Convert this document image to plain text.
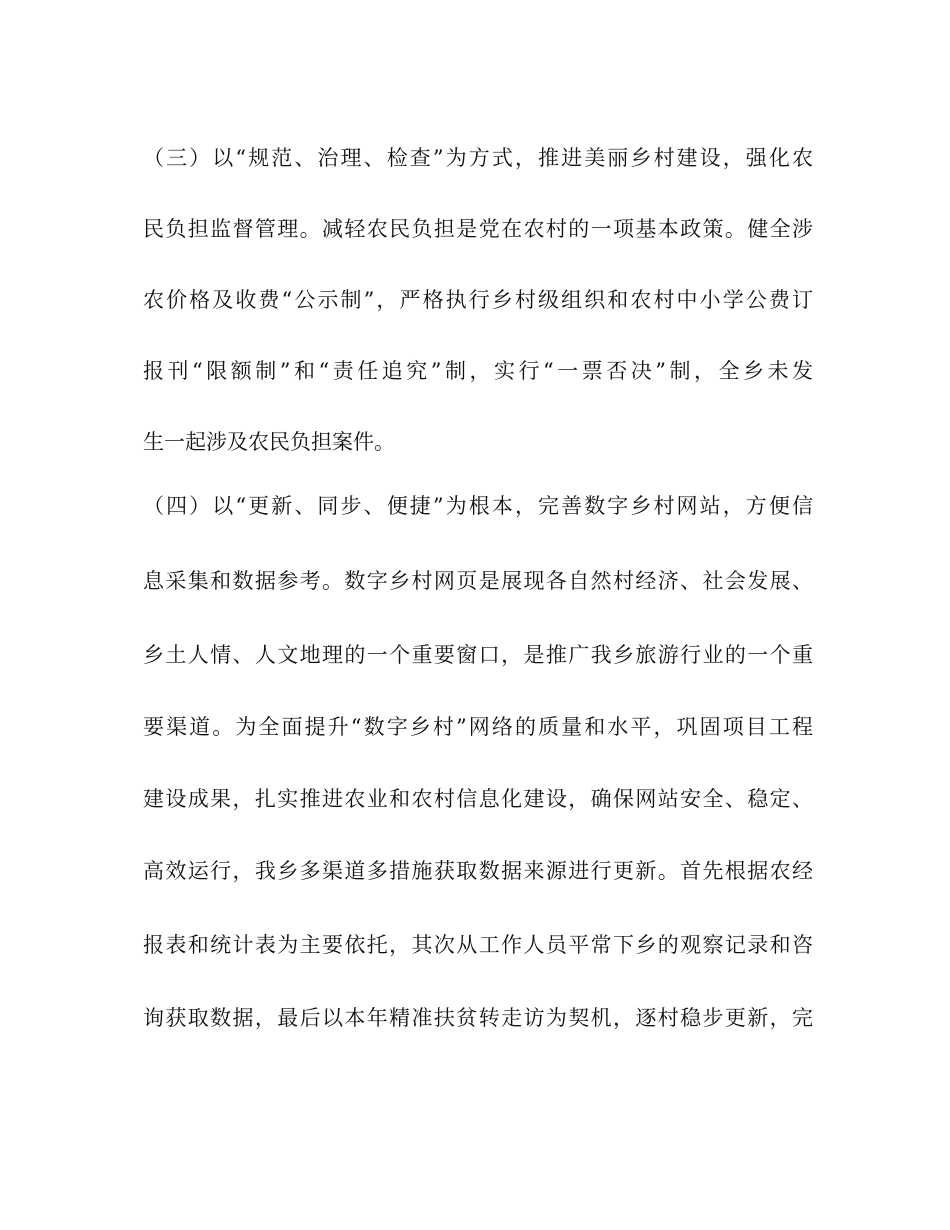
（三）以“规范、治理、检查”为方式，推进美丽乡村建设，强化农
民负担监督管理。减轻农民负担是党在农村的一项基本政策。健全涉
农价格及收费“公示制”，严格执行乡村级组织和农村中小学公费订
报刊“限额制”和“责任追究”制，实行“一票否决”制，全乡未发
生一起涉及农民负担案件。
（四）以“更新、同步、便捷”为根本，完善数字乡村网站，方便信
息采集和数据参考。数字乡村网页是展现各自然村经济、社会发展、
乡土人情、人文地理的一个重要窗口，是推广我乡旅游行业的一个重
要渠道。为全面提升“数字乡村”网络的质量和水平，巩固项目工程
建设成果，扎实推进农业和农村信息化建设，确保网站安全、稳定、
高效运行，我乡多渠道多措施获取数据来源进行更新。首先根据农经
报表和统计表为主要依托，其次从工作人员平常下乡的观察记录和咨
询获取数据，最后以本年精准扶贫转走访为契机，逐村稳步更新，完
